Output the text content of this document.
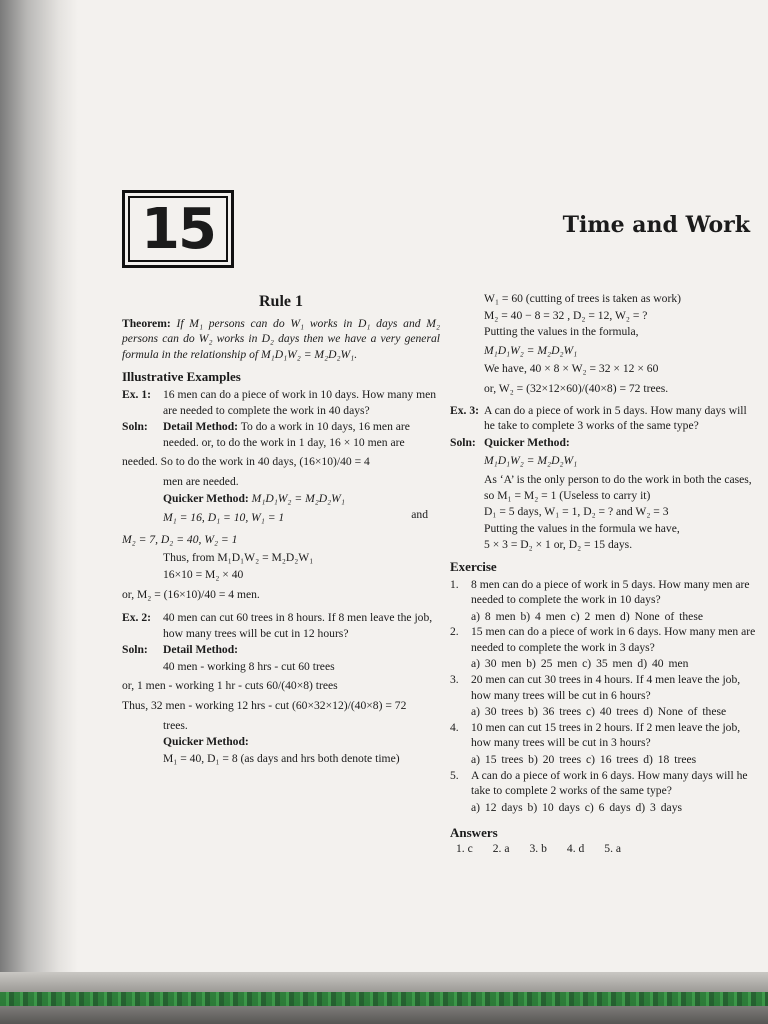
15	Time and Work
Rule 1
Theorem: If M₁ persons can do W₁ works in D₁ days and M₂ persons can do W₂ works in D₂ days then we have a very general formula in the relationship of M₁D₁W₂ = M₂D₂W₁.
Illustrative Examples
Ex. 1:	16 men can do a piece of work in 10 days. How many men are needed to complete the work in 40 days?
Soln:	Detail Method: To do a work in 10 days, 16 men are needed. or, to do the work in 1 day, 16 × 10 men are
needed. So to do the work in 40 days, (16×10)/40 = 4
men are needed.
Quicker Method: M₁D₁W₂ = M₂D₂W₁
M₁ = 16, D₁ = 10, W₁ = 1	and
M₂ = 7, D₂ = 40, W₂ = 1
Thus, from M₁D₁W₂ = M₂D₂W₁
16×10 = M₂ × 40
or, M₂ = (16×10)/40 = 4 men.
Ex. 2:	40 men can cut 60 trees in 8 hours. If 8 men leave the job, how many trees will be cut in 12 hours?
Soln:	Detail Method:
40 men - working 8 hrs - cut 60 trees
or, 1 men - working 1 hr - cuts 60/(40×8) trees
Thus, 32 men - working 12 hrs - cut (60×32×12)/(40×8) = 72
trees.
Quicker Method:
M₁ = 40, D₁ = 8 (as days and hrs both denote time)
W₁ = 60 (cutting of trees is taken as work)
M₂ = 40 − 8 = 32 , D₂ = 12, W₂ = ?
Putting the values in the formula,
M₁D₁W₂ = M₂D₂W₁
We have, 40 × 8 × W₂ = 32 × 12 × 60
or, W₂ = (32×12×60)/(40×8) = 72 trees.
Ex. 3: A can do a piece of work in 5 days. How many days will he take to complete 3 works of the same type?
Soln: Quicker Method:
M₁D₁W₂ = M₂D₂W₁
As ‘A’ is the only person to do the work in both the cases, so M₁ = M₂ = 1 (Useless to carry it)
D₁ = 5 days, W₁ = 1, D₂ = ? and W₂ = 3
Putting the values in the formula we have,
5 × 3 = D₂ × 1 or, D₂ = 15 days.
Exercise
1.	8 men can do a piece of work in 5 days. How many men are needed to complete the work in 10 days?
a) 8 men b) 4 men c) 2 men d) None of these
2.	15 men can do a piece of work in 6 days. How many men are needed to complete the work in 3 days?
a) 30 men b) 25 men c) 35 men d) 40 men
3.	20 men can cut 30 trees in 4 hours. If 4 men leave the job, how many trees will be cut in 6 hours?
a) 30 trees b) 36 trees c) 40 trees d) None of these
4.	10 men can cut 15 trees in 2 hours. If 2 men leave the job, how many trees will be cut in 3 hours?
a) 15 trees b) 20 trees c) 16 trees d) 18 trees
5.	A can do a piece of work in 6 days. How many days will he take to complete 2 works of the same type?
a) 12 days b) 10 days c) 6 days d) 3 days
Answers
1. c 2. a 3. b 4. d 5. a
